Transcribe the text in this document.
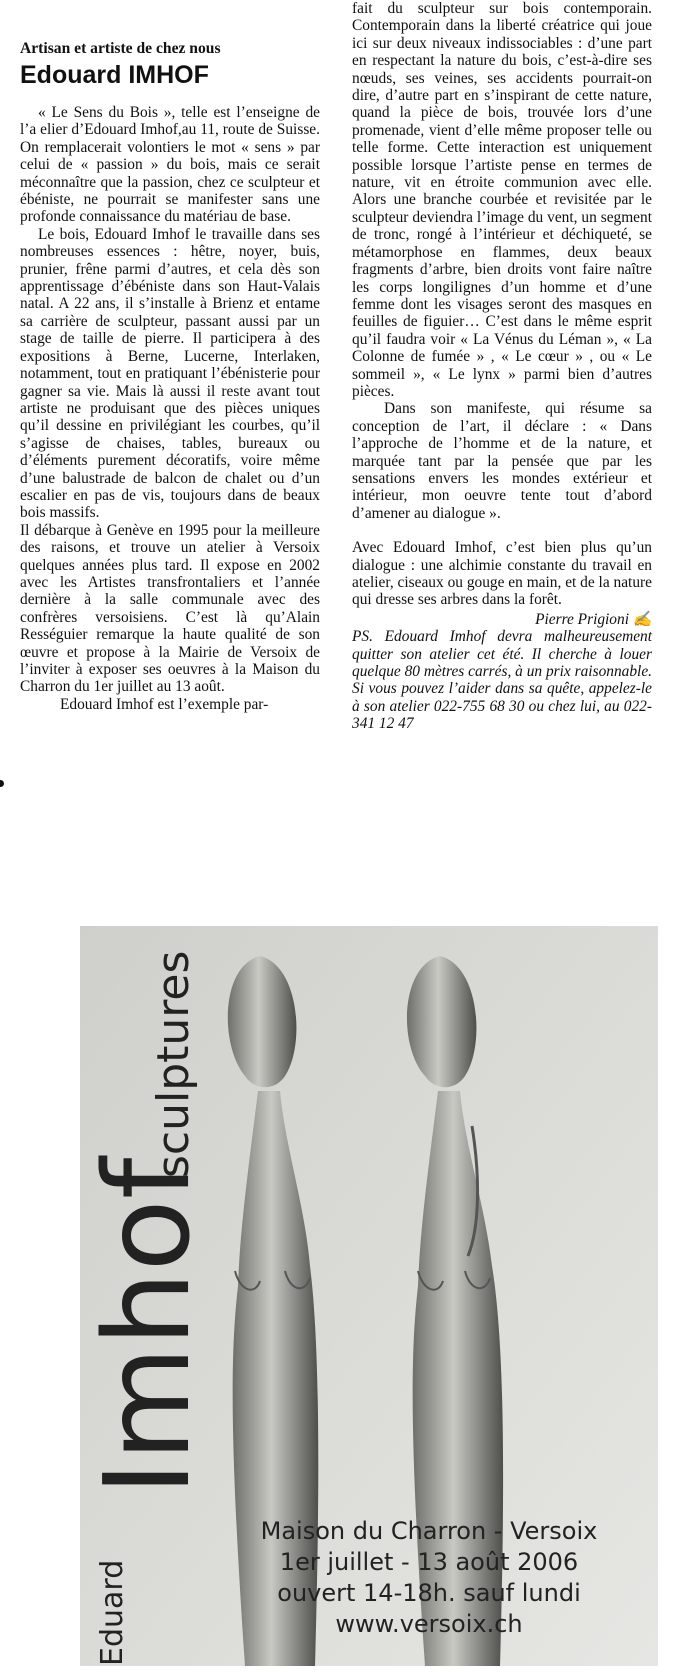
Artisan et artiste de chez nous
Edouard IMHOF

« Le Sens du Bois », telle est l’enseigne de l’a elier d’Edouard Imhof,au 11, route de Suisse. On remplacerait volontiers le mot « sens » par celui de « passion » du bois, mais ce serait méconnaître que la passion, chez ce sculpteur et ébéniste, ne pourrait se manifester sans une profonde connaissance du matériau de base.

Le bois, Edouard Imhof le travaille dans ses nombreuses essences : hêtre, noyer, buis, prunier, frêne parmi d’autres, et cela dès son apprentissage d’ébéniste dans son Haut-Valais natal. A 22 ans, il s’installe à Brienz et entame sa carrière de sculpteur, passant aussi par un stage de taille de pierre. Il participera à des expositions à Berne, Lucerne, Interlaken, notamment, tout en pratiquant l’ébénisterie pour gagner sa vie. Mais là aussi il reste avant tout artiste ne produisant que des pièces uniques qu’il dessine en privilégiant les courbes, qu’il s’agisse de chaises, tables, bureaux ou d’éléments purement décoratifs, voire même d’une balustrade de balcon de chalet ou d’un escalier en pas de vis, toujours dans de beaux bois massifs.

Il débarque à Genève en 1995 pour la meilleure des raisons, et trouve un atelier à Versoix quelques années plus tard. Il expose en 2002 avec les Artistes transfrontaliers et l’année dernière à la salle communale avec des confrères versoisiens. C’est là qu’Alain Rességuier remarque la haute qualité de son œuvre et propose à la Mairie de Versoix de l’inviter à exposer ses oeuvres à la Maison du Charron du 1er juillet au 13 août.

Edouard Imhof est l’exemple par-

fait du sculpteur sur bois contemporain. Contemporain dans la liberté créatrice qui joue ici sur deux niveaux indissociables : d’une part en respectant la nature du bois, c’est-à-dire ses nœuds, ses veines, ses accidents pourrait-on dire, d’autre part en s’inspirant de cette nature, quand la pièce de bois, trouvée lors d’une promenade, vient d’elle même proposer telle ou telle forme. Cette interaction est uniquement possible lorsque l’artiste pense en termes de nature, vit en étroite communion avec elle. Alors une branche courbée et revisitée par le sculpteur deviendra l’image du vent, un segment de tronc, rongé à l’intérieur et déchiqueté, se métamorphose en flammes, deux beaux fragments d’arbre, bien droits vont faire naître les corps longilignes d’un homme et d’une femme dont les visages seront des masques en feuilles de figuier… C’est dans le même esprit qu’il faudra voir « La Vénus du Léman », « La Colonne de fumée » , « Le cœur » , ou « Le sommeil », « Le lynx » parmi bien d’autres pièces.

Dans son manifeste, qui résume sa conception de l’art, il déclare : « Dans l’approche de l’homme et de la nature, et marquée tant par la pensée que par les sensations envers les mondes extérieur et intérieur, mon oeuvre tente tout d’abord d’amener au dialogue ».

Avec Edouard Imhof, c’est bien plus qu’un dialogue : une alchimie constante du travail en atelier, ciseaux ou gouge en main, et de la nature qui dresse ses arbres dans la forêt.

Pierre Prigioni ✍

PS. Edouard Imhof devra malheureusement quitter son atelier cet été. Il cherche à louer quelque 80 mètres carrés, à un prix raisonnable. Si vous pouvez l’aider dans sa quête, appelez-le à son atelier 022-755 68 30 ou chez lui, au 022-341 12 47

Eduard
Imhof
sculptures
Maison du Charron - Versoix
1er juillet - 13 août 2006
ouvert 14-18h. sauf lundi
www.versoix.ch
